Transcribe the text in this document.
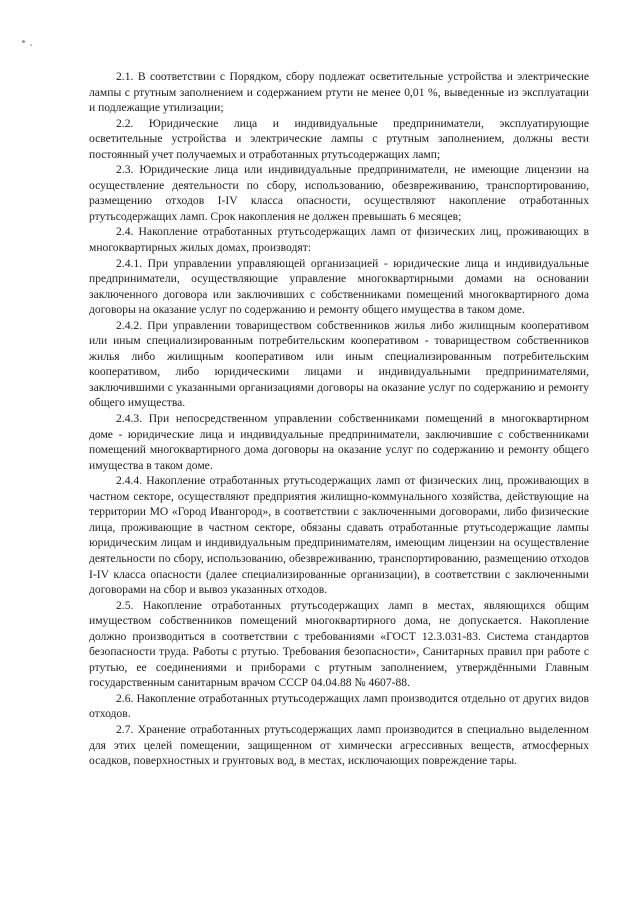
2.1. В соответствии с Порядком, сбору подлежат осветительные устройства и электрические лампы с ртутным заполнением и содержанием ртути не менее 0,01 %, выведенные из эксплуатации и подлежащие утилизации;

2.2. Юридические лица и индивидуальные предприниматели, эксплуатирующие осветительные устройства и электрические лампы с ртутным заполнением, должны вести постоянный учет получаемых и отработанных ртутьсодержащих ламп;

2.3. Юридические лица или индивидуальные предприниматели, не имеющие лицензии на осуществление деятельности по сбору, использованию, обезвреживанию, транспортированию, размещению отходов I-IV класса опасности, осуществляют накопление отработанных ртутьсодержащих ламп. Срок накопления не должен превышать 6 месяцев;

2.4. Накопление отработанных ртутьсодержащих ламп от физических лиц, проживающих в многоквартирных жилых домах, производят:

2.4.1. При управлении управляющей организацией - юридические лица и индивидуальные предприниматели, осуществляющие управление многоквартирными домами на основании заключенного договора или заключивших с собственниками помещений многоквартирного дома договоры на оказание услуг по содержанию и ремонту общего имущества в таком доме.

2.4.2. При управлении товариществом собственников жилья либо жилищным кооперативом или иным специализированным потребительским кооперативом - товариществом собственников жилья либо жилищным кооперативом или иным специализированным потребительским кооперативом, либо юридическими лицами и индивидуальными предпринимателями, заключившими с указанными организациями договоры на оказание услуг по содержанию и ремонту общего имущества.

2.4.3. При непосредственном управлении собственниками помещений в многоквартирном доме - юридические лица и индивидуальные предприниматели, заключившие с собственниками помещений многоквартирного дома договоры на оказание услуг по содержанию и ремонту общего имущества в таком доме.

2.4.4. Накопление отработанных ртутьсодержащих ламп от физических лиц, проживающих в частном секторе, осуществляют предприятия жилищно-коммунального хозяйства, действующие на территории МО «Город Ивангород», в соответствии с заключенными договорами, либо физические лица, проживающие в частном секторе, обязаны сдавать отработанные ртутьсодержащие лампы юридическим лицам и индивидуальным предпринимателям, имеющим лицензии на осуществление деятельности по сбору, использованию, обезвреживанию, транспортированию, размещению отходов I-IV класса опасности (далее специализированные организации), в соответствии с заключенными договорами на сбор и вывоз указанных отходов.

2.5. Накопление отработанных ртутьсодержащих ламп в местах, являющихся общим имуществом собственников помещений многоквартирного дома, не допускается. Накопление должно производиться в соответствии с требованиями «ГОСТ 12.3.031-83. Система стандартов безопасности труда. Работы с ртутью. Требования безопасности», Санитарных правил при работе с ртутью, ее соединениями и приборами с ртутным заполнением, утверждёнными Главным государственным санитарным врачом СССР 04.04.88 № 4607-88.

2.6. Накопление отработанных ртутьсодержащих ламп производится отдельно от других видов отходов.

2.7. Хранение отработанных ртутьсодержащих ламп производится в специально выделенном для этих целей помещении, защищенном от химически агрессивных веществ, атмосферных осадков, поверхностных и грунтовых вод, в местах, исключающих повреждение тары.
